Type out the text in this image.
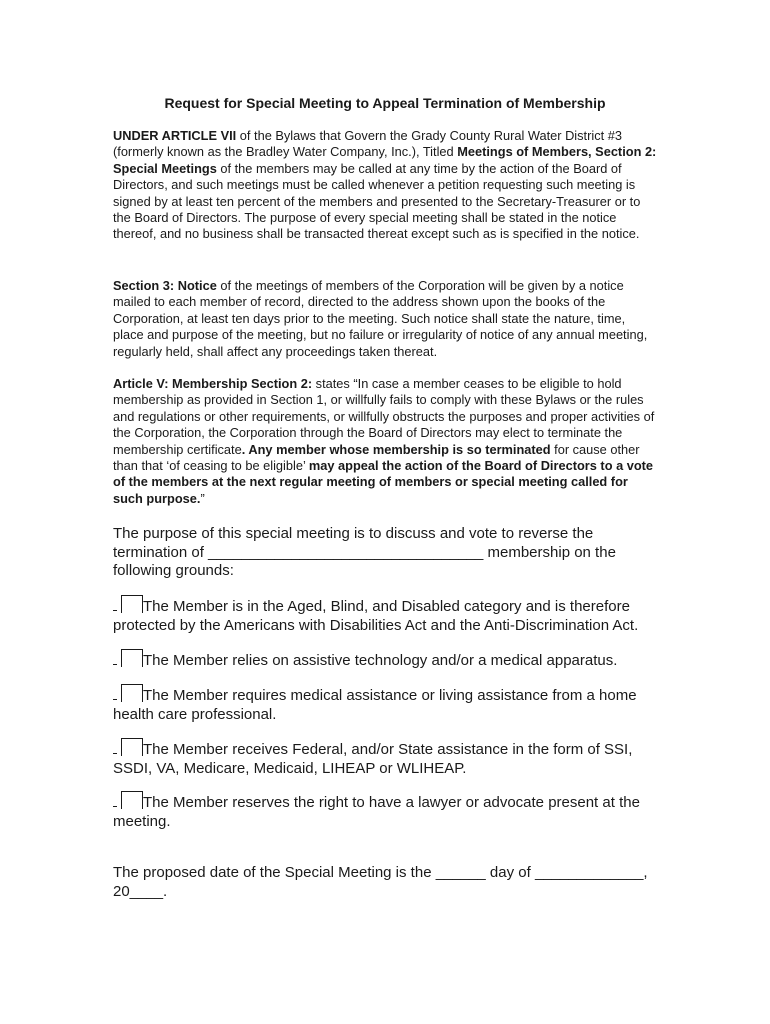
Request for Special Meeting to Appeal Termination of Membership

UNDER ARTICLE VII of the Bylaws that Govern the Grady County Rural Water District #3 (formerly known as the Bradley Water Company, Inc.), Titled Meetings of Members, Section 2: Special Meetings of the members may be called at any time by the action of the Board of Directors, and such meetings must be called whenever a petition requesting such meeting is signed by at least ten percent of the members and presented to the Secretary-Treasurer or to the Board of Directors. The purpose of every special meeting shall be stated in the notice thereof, and no business shall be transacted thereat except such as is specified in the notice.

Section 3: Notice of the meetings of members of the Corporation will be given by a notice mailed to each member of record, directed to the address shown upon the books of the Corporation, at least ten days prior to the meeting. Such notice shall state the nature, time, place and purpose of the meeting, but no failure or irregularity of notice of any annual meeting, regularly held, shall affect any proceedings taken thereat.

Article V: Membership Section 2: states “In case a member ceases to be eligible to hold membership as provided in Section 1, or willfully fails to comply with these Bylaws or the rules and regulations or other requirements, or willfully obstructs the purposes and proper activities of the Corporation, the Corporation through the Board of Directors may elect to terminate the membership certificate. Any member whose membership is so terminated for cause other than that ‘of ceasing to be eligible’ may appeal the action of the Board of Directors to a vote of the members at the next regular meeting of members or special meeting called for such purpose.”

The purpose of this special meeting is to discuss and vote to reverse the
termination of _________________________________ membership on the
following grounds:
The Member is in the Aged, Blind, and Disabled category and is therefore protected by the Americans with Disabilities Act and the Anti-Discrimination Act.
The Member relies on assistive technology and/or a medical apparatus.
The Member requires medical assistance or living assistance from a home health care professional.
The Member receives Federal, and/or State assistance in the form of SSI, SSDI, VA, Medicare, Medicaid, LIHEAP or WLIHEAP.
The Member reserves the right to have a lawyer or advocate present at the meeting.
The proposed date of the Special Meeting is the ______ day of _____________, 20____.
